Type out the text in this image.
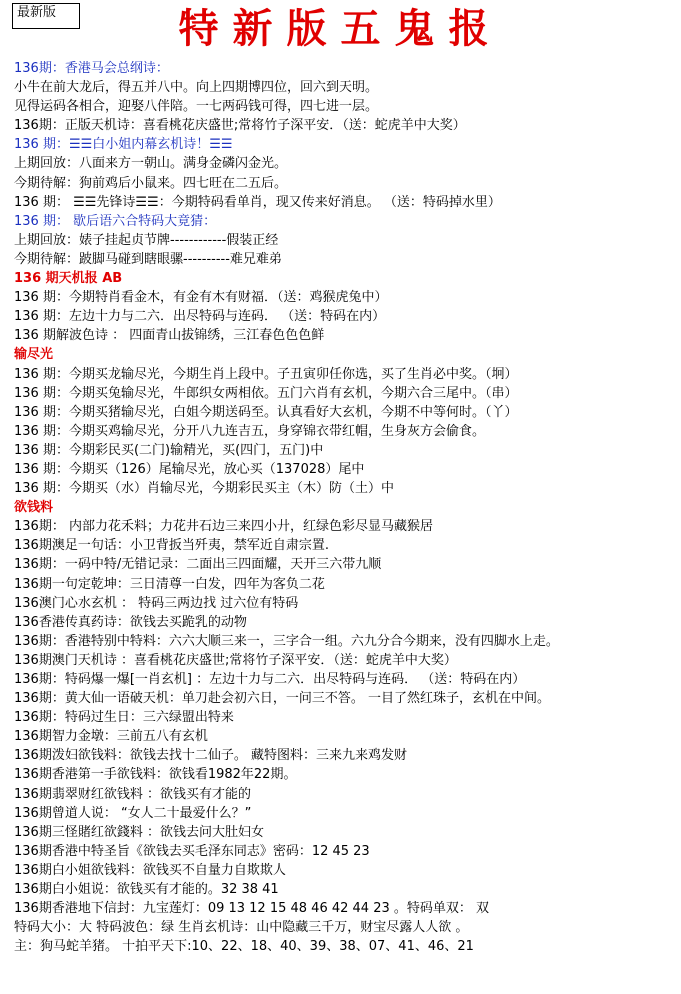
最新版	特新版五鬼报
136期：香港马会总纲诗：
小牛在前大龙后，得五并八中。向上四期博四位，回六到天明。
见得运码各相合，迎娶八伴陪。一七两码钱可得，四七进一层。
136期：正版天机诗：喜看桃花庆盛世;常将竹子深平安．（送：蛇虎羊中大奖）
136 期：☰☰白小姐内幕玄机诗！☰☰
上期回放：八面来方一朝山。满身金磷闪金光。
今期待解：狗前鸡后小鼠来。四七旺在二五后。
136 期： ☰☰先锋诗☰☰：今期特码看单肖，现又传来好消息。 （送：特码掉水里）
136 期： 歇后语六合特码大竟猜：
上期回放：婊子挂起贞节牌------------假装正经
今期待解：跛脚马碰到瞎眼骡----------难兄难弟
136 期天机报 AB
136 期：今期特肖看金木，有金有木有财福．（送：鸡猴虎兔中）
136 期：左边十力与二六．出尽特码与连码． （送：特码在内）
136 期解波色诗 ： 四面青山拔锦绣，三江春色色色鲜
输尽光
136 期：今期买龙输尽光，今期生肖上段中。子丑寅卯任你选，买了生肖必中奖。（坰）
136 期：今期买兔输尽光，牛郎织女两相依。五门六肖有玄机，今期六合三尾中。（串）
136 期：今期买猪输尽光，白姐今期送码至。认真看好大玄机，今期不中等何时。（丫）
136 期：今期买鸡输尽光，分开八九连吉五，身穿锦衣带红帽，生身灰方会偷食。
136 期：今期彩民买(二门)输精光，买(四门，五门)中
136 期：今期买（126）尾输尽光，放心买（137028）尾中
136 期：今期买（水）肖输尽光，今期彩民买主（木）防（土）中
欲钱料
136期： 内部力花禾料；力花井石边三来四小廾，红绿色彩尽显马藏猴居
136期澳足一句话：小卫背扳当歼夷，禁军近自肃宗置.
136期：一码中特/无错记录：二面出三四面耀，天开三六带九顺
136期一句定乾坤：三日清尊一白发，四年为客负二花
136澳门心水玄机 ： 特码三两边找 过六位有特码
136香港传真药诗：欲钱去买跪乳的动物
136期：香港特别中特料：六六大顺三来一，三字合一组。六九分合今期来，没有四脚水上走。
136期澳门天机诗 ：喜看桃花庆盛世;常将竹子深平安．（送：蛇虎羊中大奖）
136期：特码爆一爆[一肖玄机] ：左边十力与二六．出尽特码与连码． （送：特码在内）
136期：黄大仙一语破天机：单刀赴会初六日，一问三不答。 一目了然红珠子，玄机在中间。
136期：特码过生日：三六绿盟出特来
136期智力金墩：三前五八有玄机
136期泼妇欲钱料：欲钱去找十二仙子。 藏特图料：三来九来鸡发财
136期香港第一手欲钱料：欲钱看1982年22期。
136期翡翠财红欲钱料 ：欲钱买有才能的
136期曾道人说： “女人二十最爱什么？”
136期三怪賭红欲錢料 ：欲钱去问大肚妇女
136期香港中特圣旨《欲钱去买毛泽东同志》密码：12 45 23
136期白小姐欲钱料：欲钱买不自量力自欺欺人
136期白小姐说：欲钱买有才能的。32 38 41
136期香港地下信封：九宝莲灯：09 13 12 15 48 46 42 44 23 。特码单双： 双
特码大小：大 特码波色：绿 生肖玄机诗：山中隐藏三千万，财宝尽露人人欲 。
主：狗马蛇羊猪。 十拍平天下:10、22、18、40、39、38、07、41、46、21
